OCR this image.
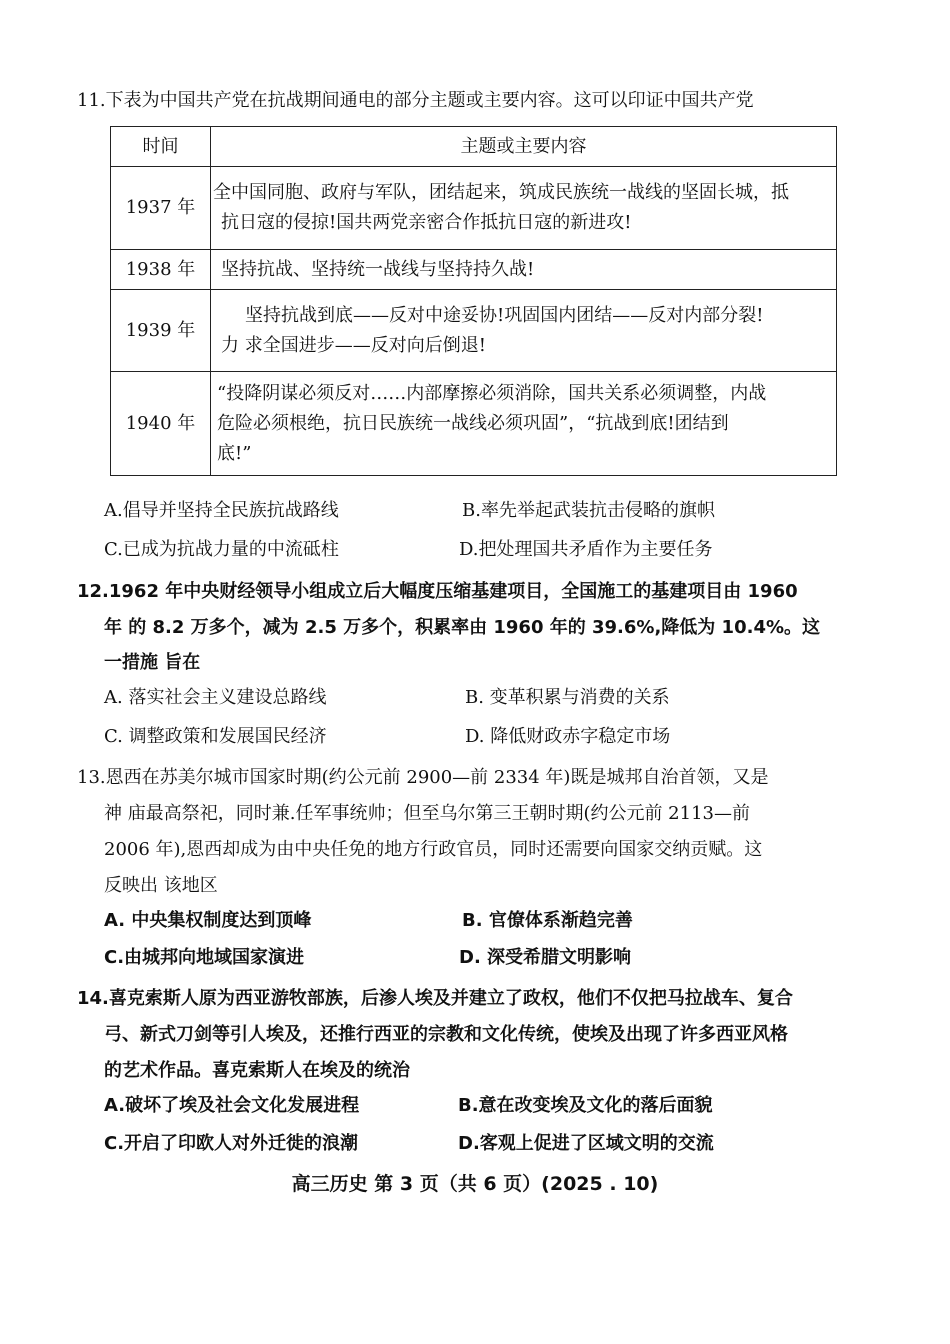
11.下表为中国共产党在抗战期间通电的部分主题或主要内容。这可以印证中国共产党
时间	主题或主要内容
1937 年	全中国同胞、政府与军队，团结起来，筑成民族统一战线的坚固长城，抵
抗日寇的侵掠!国共两党亲密合作抵抗日寇的新进攻!

1938 年	坚持抗战、坚持统一战线与坚持持久战!

1939 年	坚持抗战到底——反对中途妥协!巩固国内团结——反对内部分裂!
力 求全国进步——反对向后倒退!

1940 年	“投降阴谋必须反对……内部摩擦必须消除，国共关系必须调整，内战
危险必须根绝，抗日民族统一战线必须巩固”，“抗战到底!团结到
底!”
A.倡导并坚持全民族抗战路线	B.率先举起武装抗击侵略的旗帜
C.已成为抗战力量的中流砥柱	D.把处理国共矛盾作为主要任务
12.1962 年中央财经领导小组成立后大幅度压缩基建项目，全国施工的基建项目由 1960
年 的 8.2 万多个，减为 2.5 万多个，积累率由 1960 年的 39.6%,降低为 10.4%。这
一措施 旨在
A. 落实社会主义建设总路线	B. 变革积累与消费的关系
C. 调整政策和发展国民经济	D. 降低财政赤字稳定市场
13.恩西在苏美尔城市国家时期(约公元前 2900—前 2334 年)既是城邦自治首领，又是
神 庙最高祭祀，同时兼.任军事统帅；但至乌尔第三王朝时期(约公元前 2113—前
2006 年),恩西却成为由中央任免的地方行政官员，同时还需要向国家交纳贡赋。这
反映出 该地区
A. 中央集权制度达到顶峰	B. 官僚体系渐趋完善
C.由城邦向地域国家演进	D. 深受希腊文明影响
14.喜克索斯人原为西亚游牧部族，后渗人埃及并建立了政权，他们不仅把马拉战车、复合
弓、新式刀剑等引人埃及，还推行西亚的宗教和文化传统，使埃及出现了许多西亚风格
的艺术作品。喜克索斯人在埃及的统治
A.破坏了埃及社会文化发展进程	B.意在改变埃及文化的落后面貌
C.开启了印欧人对外迁徙的浪潮	D.客观上促进了区域文明的交流
高三历史 第 3 页（共 6 页）(2025 . 10)
